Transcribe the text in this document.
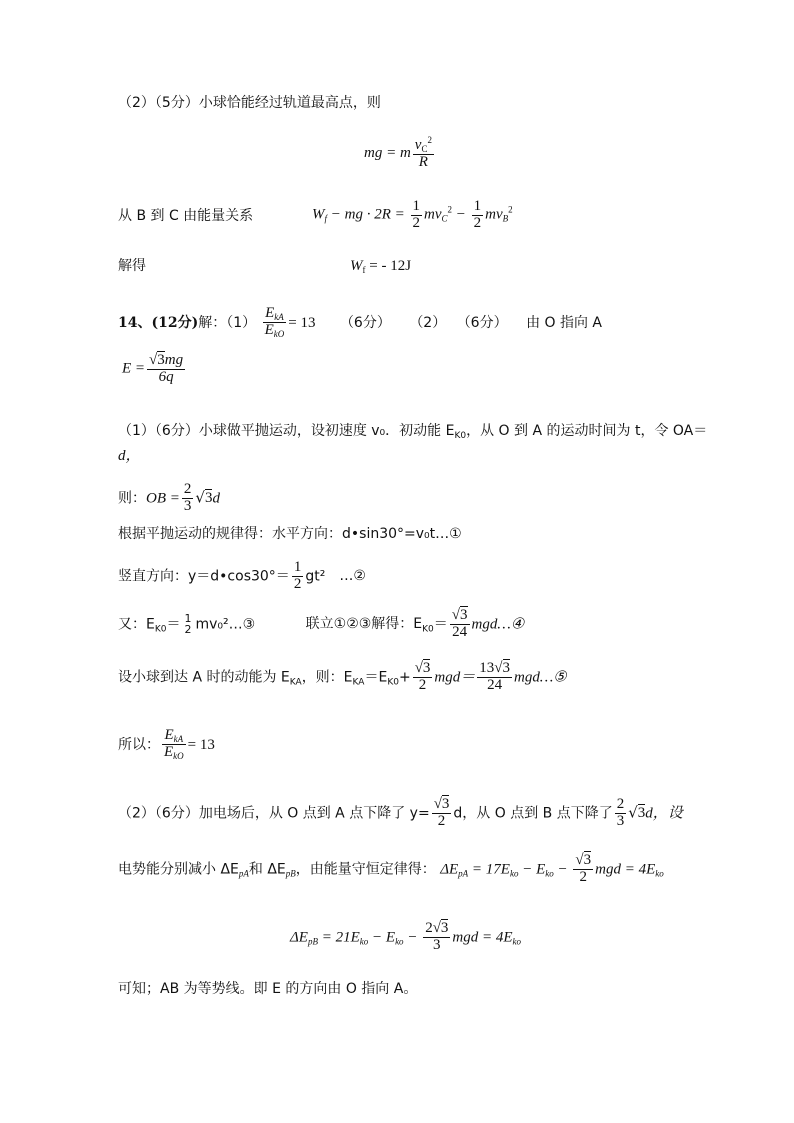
（2）（5分）小球恰能经过轨道最高点，则
mg = m $\frac{v_C^2}{R}$
从 B 到 C 由能量关系	$W_f$ − mg · $2R = \frac{1}{2} mv_C^2 - \frac{1}{2} mv_B^2$
解得	$W_f$ = - 12J
14、(12分)解：$(1) \frac{E_{kA}}{E_{kO}} = 13$ （6分） （2） （6分） 由 O 指向 A
$E = \frac{√3mg}{6q}$
（1）（6分）小球做平抛运动，设初速度 v₀．初动能 $E_{K0}$，从 O 到 A 的运动时间为 t，令 OA＝
d，
则：OB = $\frac{2}{3} √3d$
根据平抛运动的规律得：水平方向：d•sin30°=v₀t…①
竖直方向：y＝d•cos30°＝ $\frac{1}{2} gt^2$ …②
又：$E_{K0}= 1$
2 mv₀²…③	联立①②③解得：$E_{K0}= \frac{√3}{24}$ mgd…④
设小球到达 A 时的动能为 $E_{KA}$，则：$E_{KA}=E_{K0}+ \frac{√3}{2} mgd= \frac{13√3}{24}$ mgd…⑤
所以： $\frac{E_{kA}}{E_{kO}} = 13$
（2）（6分）加电场后，从 O 点到 A 点下降了 $y= \frac{√3}{2}$ d，从 O 点到 B 点下降了 $\frac{2}{3} √3d$，设
电势能分别减小 $\Delta E_{pA}$和 $\Delta E_{pB}$，由能量守恒定律得： $\Delta E_{pA} = 17E_{ko} - E_{ko} - \frac{√3}{2}$ mgd = $4E_{ko}$
$\Delta E_{pB} = 21E_{ko} - E_{ko} - \frac{2√3}{3}$ mgd = $4E_{ko}$
可知；AB 为等势线。即 E 的方向由 O 指向 A。
